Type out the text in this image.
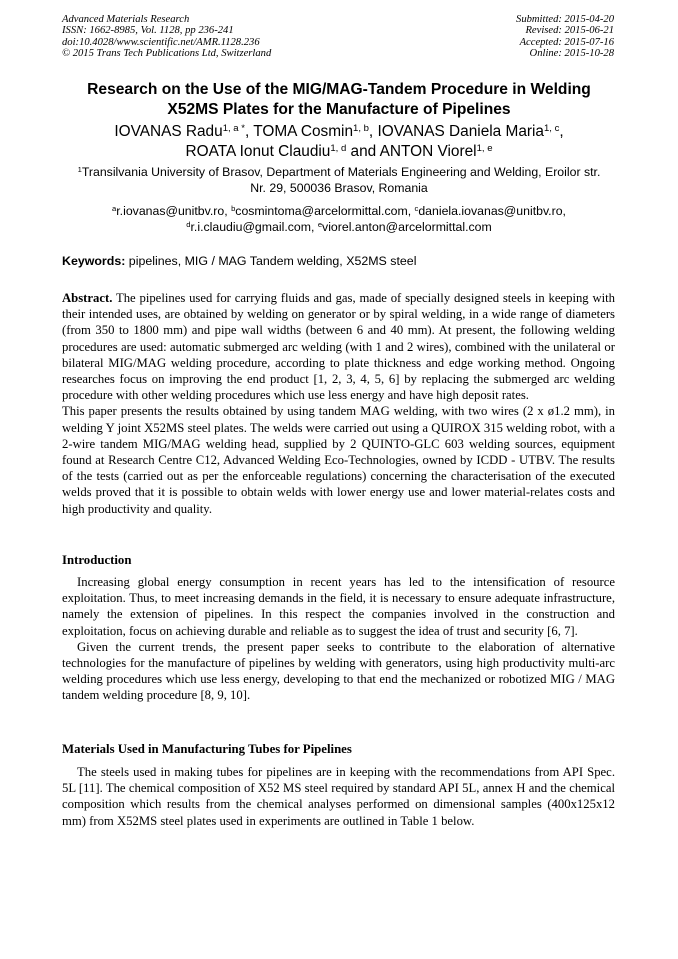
Advanced Materials Research
ISSN: 1662-8985, Vol. 1128, pp 236-241
doi:10.4028/www.scientific.net/AMR.1128.236
© 2015 Trans Tech Publications Ltd, Switzerland
Submitted: 2015-04-20
Revised: 2015-06-21
Accepted: 2015-07-16
Online: 2015-10-28
Research on the Use of the MIG/MAG-Tandem Procedure in Welding
X52MS Plates for the Manufacture of Pipelines
IOVANAS Radu$^{1, a *}$, TOMA Cosmin$^{1, b}$, IOVANAS Daniela Maria$^{1, c}$,
ROATA Ionut Claudiu$^{1, d}$ and ANTON Viorel$^{1, e}$
$^1$Transilvania University of Brasov, Department of Materials Engineering and Welding, Eroilor str.
Nr. 29, 500036 Brasov, Romania
$^a$r.iovanas@unitbv.ro, $^b$cosmintoma@arcelormittal.com, $^c$daniela.iovanas@unitbv.ro,
$^d$r.i.claudiu@gmail.com, $^e$viorel.anton@arcelormittal.com
Keywords: pipelines, MIG / MAG Tandem welding, X52MS steel

Abstract. The pipelines used for carrying fluids and gas, made of specially designed steels in keeping with their intended uses, are obtained by welding on generator or by spiral welding, in a wide range of diameters (from 350 to 1800 mm) and pipe wall widths (between 6 and 40 mm). At present, the following welding procedures are used: automatic submerged arc welding (with 1 and 2 wires), combined with the unilateral or bilateral MIG/MAG welding procedure, according to plate thickness and edge working method. Ongoing researches focus on improving the end product [1, 2, 3, 4, 5, 6] by replacing the submerged arc welding procedure with other welding procedures which use less energy and have high deposit rates.

This paper presents the results obtained by using tandem MAG welding, with two wires (2 x ø1.2 mm), in welding Y joint X52MS steel plates. The welds were carried out using a QUIROX 315 welding robot, with a 2-wire tandem MIG/MAG welding head, supplied by 2 QUINTO-GLC 603 welding sources, equipment found at Research Centre C12, Advanced Welding Eco-Technologies, owned by ICDD - UTBV. The results of the tests (carried out as per the enforceable regulations) concerning the characterisation of the executed welds proved that it is possible to obtain welds with lower energy use and lower material-relates costs and high productivity and quality.

Introduction

Increasing global energy consumption in recent years has led to the intensification of resource exploitation. Thus, to meet increasing demands in the field, it is necessary to ensure adequate infrastructure, namely the extension of pipelines. In this respect the companies involved in the construction and exploitation, focus on achieving durable and reliable as to suggest the idea of trust and security [6, 7].

Given the current trends, the present paper seeks to contribute to the elaboration of alternative technologies for the manufacture of pipelines by welding with generators, using high productivity multi-arc welding procedures which use less energy, developing to that end the mechanized or robotized MIG / MAG tandem welding procedure [8, 9, 10].

Materials Used in Manufacturing Tubes for Pipelines

The steels used in making tubes for pipelines are in keeping with the recommendations from API Spec. 5L [11]. The chemical composition of X52 MS steel required by standard API 5L, annex H and the chemical composition which results from the chemical analyses performed on dimensional samples (400x125x12 mm) from X52MS steel plates used in experiments are outlined in Table 1 below.
